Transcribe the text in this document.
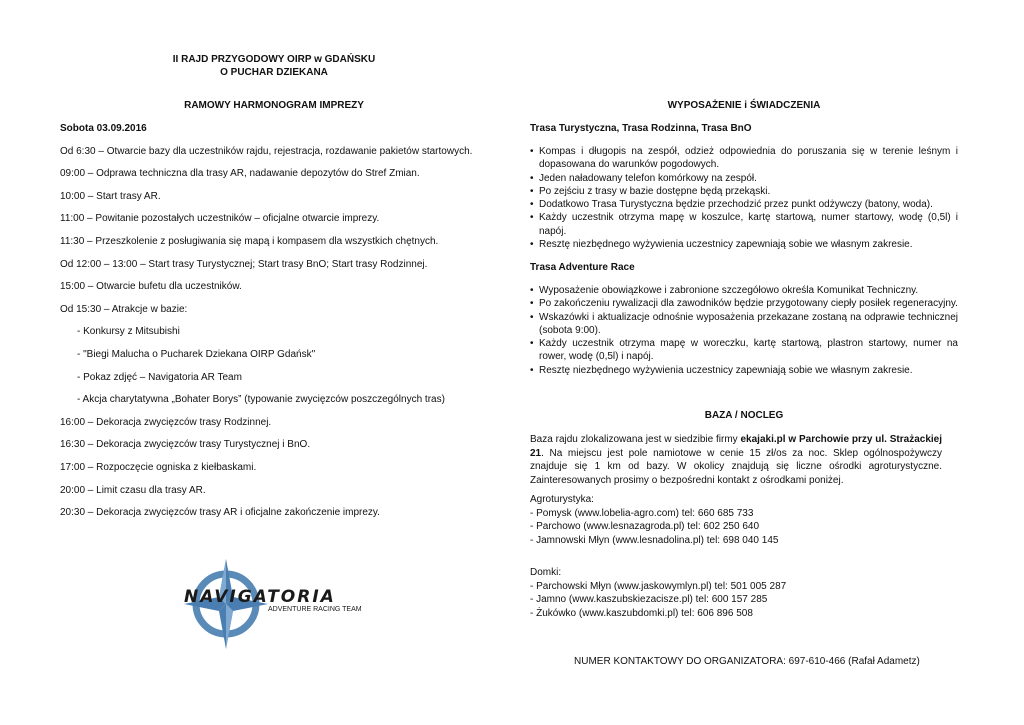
II RAJD PRZYGODOWY OIRP w GDAŃSKU
O PUCHAR DZIEKANA
RAMOWY HARMONOGRAM IMPREZY
Sobota 03.09.2016
Od 6:30 – Otwarcie bazy dla uczestników rajdu, rejestracja, rozdawanie pakietów startowych.
09:00 – Odprawa techniczna dla trasy AR, nadawanie depozytów do Stref Zmian.
10:00 – Start trasy AR.
11:00 – Powitanie pozostałych uczestników – oficjalne otwarcie imprezy.
11:30 – Przeszkolenie z posługiwania się mapą i kompasem dla wszystkich chętnych.
Od 12:00 – 13:00 – Start trasy Turystycznej; Start trasy BnO; Start trasy Rodzinnej.
15:00 – Otwarcie bufetu dla uczestników.
Od 15:30 – Atrakcje w bazie:
- Konkursy z Mitsubishi
- "Biegi Malucha o Pucharek Dziekana OIRP Gdańsk"
- Pokaz zdjęć – Navigatoria AR Team
- Akcja charytatywna „Bohater Borys” (typowanie zwycięzców poszczególnych tras)
16:00 – Dekoracja zwycięzców trasy Rodzinnej.
16:30 – Dekoracja zwycięzców trasy Turystycznej i BnO.
17:00 – Rozpoczęcie ogniska z kiełbaskami.
20:00 – Limit czasu dla trasy AR.
20:30 – Dekoracja zwycięzców trasy AR i oficjalne zakończenie imprezy.
NAVIGATORIA
ADVENTURE RACING TEAM
WYPOSAŻENIE i ŚWIADCZENIA
Trasa Turystyczna, Trasa Rodzinna, Trasa BnO
• Kompas i długopis na zespół, odzież odpowiednia do poruszania się w terenie leśnym i dopasowana do warunków pogodowych.
• Jeden naładowany telefon komórkowy na zespół.
• Po zejściu z trasy w bazie dostępne będą przekąski.
• Dodatkowo Trasa Turystyczna będzie przechodzić przez punkt odżywczy (batony, woda).
• Każdy uczestnik otrzyma mapę w koszulce, kartę startową, numer startowy, wodę (0,5l) i napój.
• Resztę niezbędnego wyżywienia uczestnicy zapewniają sobie we własnym zakresie.
Trasa Adventure Race
• Wyposażenie obowiązkowe i zabronione szczegółowo określa Komunikat Techniczny.
• Po zakończeniu rywalizacji dla zawodników będzie przygotowany ciepły posiłek regeneracyjny.
• Wskazówki i aktualizacje odnośnie wyposażenia przekazane zostaną na odprawie technicznej (sobota 9:00).
• Każdy uczestnik otrzyma mapę w woreczku, kartę startową, plastron startowy, numer na rower, wodę (0,5l) i napój.
• Resztę niezbędnego wyżywienia uczestnicy zapewniają sobie we własnym zakresie.
BAZA / NOCLEG
Baza rajdu zlokalizowana jest w siedzibie firmy ekajaki.pl w Parchowie przy ul. Strażackiej 21. Na miejscu jest pole namiotowe w cenie 15 zł/os za noc. Sklep ogólnospożywczy znajduje się 1 km od bazy. W okolicy znajdują się liczne ośrodki agroturystyczne. Zainteresowanych prosimy o bezpośredni kontakt z ośrodkami poniżej.
Agroturystyka:
- Pomysk (www.lobelia-agro.com) tel: 660 685 733
- Parchowo (www.lesnazagroda.pl) tel: 602 250 640
- Jamnowski Młyn (www.lesnadolina.pl) tel: 698 040 145
Domki:
- Parchowski Młyn (www.jaskowymlyn.pl) tel: 501 005 287
- Jamno (www.kaszubskiezacisze.pl) tel: 600 157 285
- Żukówko (www.kaszubdomki.pl) tel: 606 896 508
NUMER KONTAKTOWY DO ORGANIZATORA: 697-610-466 (Rafał Adametz)
